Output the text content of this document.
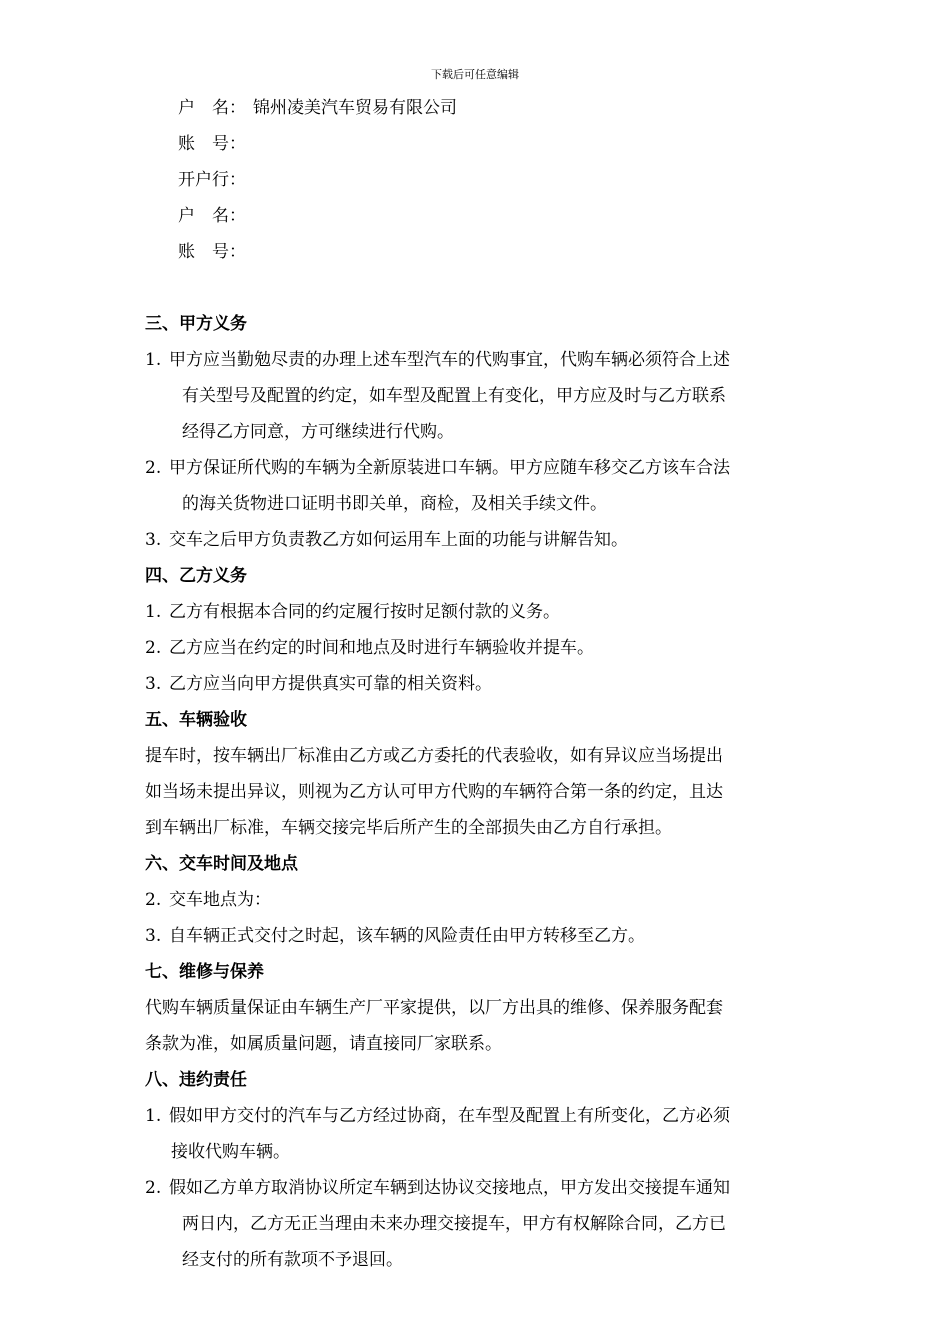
下载后可任意编辑
户　名： 锦州凌美汽车贸易有限公司
账　号：
开户行：
户　名：
账　号：
三、甲方义务
1. 甲方应当勤勉尽责的办理上述车型汽车的代购事宜，代购车辆必须符合上述
有关型号及配置的约定，如车型及配置上有变化，甲方应及时与乙方联系
经得乙方同意，方可继续进行代购。
2. 甲方保证所代购的车辆为全新原装进口车辆。甲方应随车移交乙方该车合法
的海关货物进口证明书即关单，商检，及相关手续文件。
3. 交车之后甲方负责教乙方如何运用车上面的功能与讲解告知。
四、乙方义务
1. 乙方有根据本合同的约定履行按时足额付款的义务。
2. 乙方应当在约定的时间和地点及时进行车辆验收并提车。
3. 乙方应当向甲方提供真实可靠的相关资料。
五、车辆验收
提车时，按车辆出厂标准由乙方或乙方委托的代表验收，如有异议应当场提出
如当场未提出异议，则视为乙方认可甲方代购的车辆符合第一条的约定，且达
到车辆出厂标准，车辆交接完毕后所产生的全部损失由乙方自行承担。
六、交车时间及地点
2. 交车地点为：
3. 自车辆正式交付之时起，该车辆的风险责任由甲方转移至乙方。
七、维修与保养
代购车辆质量保证由车辆生产厂平家提供，以厂方出具的维修、保养服务配套
条款为准，如属质量问题，请直接同厂家联系。
八、违约责任
1. 假如甲方交付的汽车与乙方经过协商，在车型及配置上有所变化，乙方必须
接收代购车辆。
2. 假如乙方单方取消协议所定车辆到达协议交接地点，甲方发出交接提车通知
两日内，乙方无正当理由未来办理交接提车，甲方有权解除合同，乙方已
经支付的所有款项不予退回。
